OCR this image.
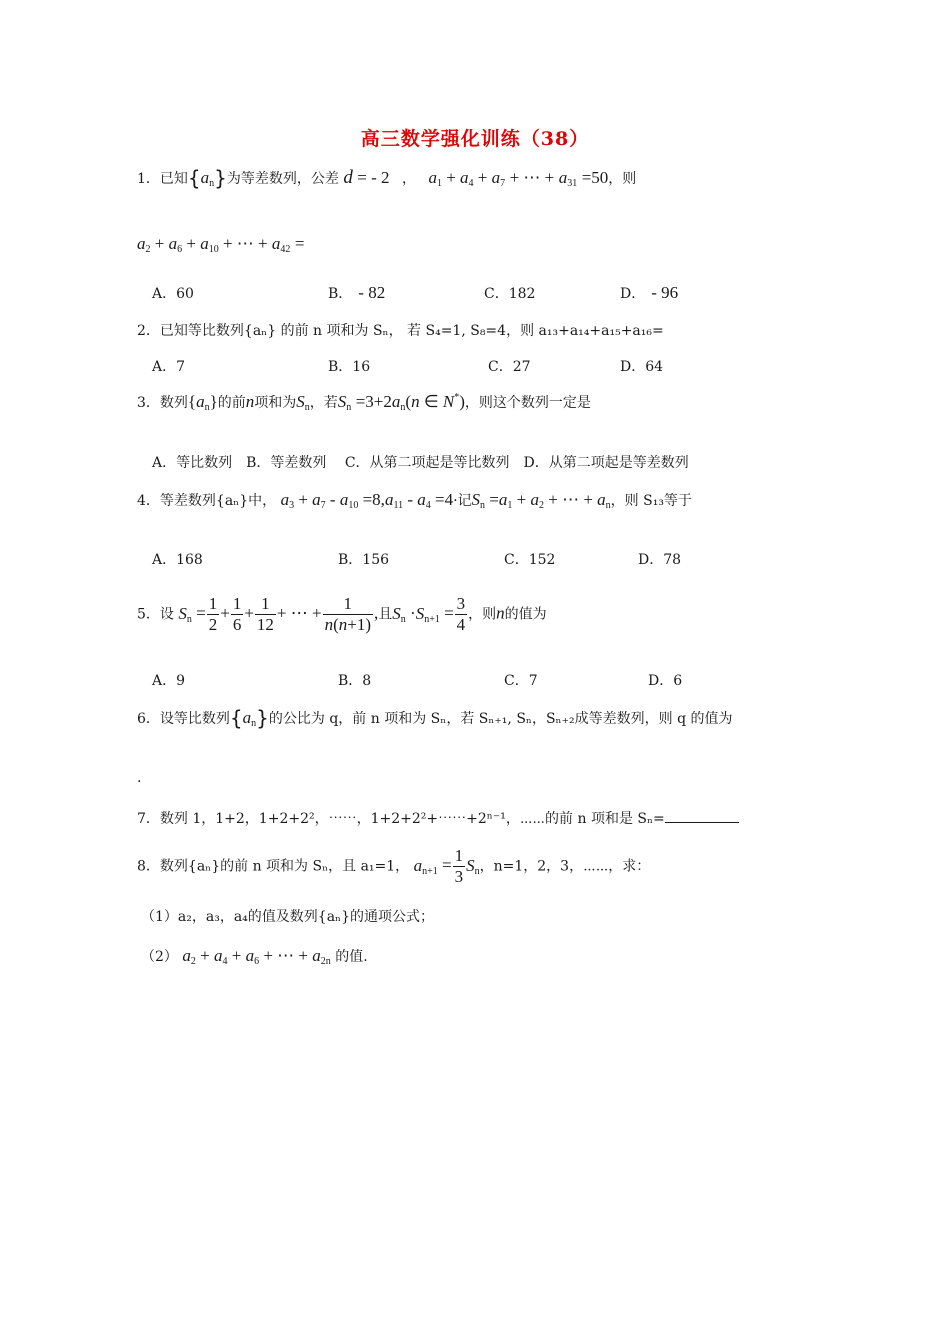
高三数学强化训练（38）
1．已知$\{a_n\}$为等差数列，公差 d = - 2 ， $a_1 + a_4 + a_7$ + ⋯ + $a_{31} =50$，则
$a_2 + a_6 + a_{10}$ + ⋯ + $a_{42}$ =
A．60	B． - 82	C．182	D． - 96
2．已知等比数列{aₙ} 的前 n 项和为 Sₙ， 若 S₄=1, S₈=4，则 a₁₃+a₁₄+a₁₅+a₁₆=
A．7	B．16	C．27	D．64
3．数列$\{a_n\}$的前n项和为$S_n$，若$S_n =3+2a_n(n$ ∈ N*)，则这个数列一定是
A．等比数列　B．等差数列　 C．从第二项起是等比数列　D．从第二项起是等差数列
4．等差数列{aₙ}中， $a_3 + a_7 - a_{10} =8,a_{11} - a_4 =4\cdot$记$S_n =a_1 + a_2$ + ⋯ + $a_n$，则 S₁₃等于
A．168	B．156	C．152	D．78
5．设 $S_n = \frac{1}{2} + \frac{1}{6} + \frac{1}{12}$ + ⋯ + $\frac{1}{n(n+1)}$ ,且$S_n \cdot S_{n+1} = \frac{3}{4}$ ，则n的值为
A．9	B．8	C．7	D．6
6．设等比数列$\{a_n\}$的公比为 q，前 n 项和为 Sₙ，若 Sₙ₊₁, Sₙ，Sₙ₊₂成等差数列，则 q 的值为
.
7．数列 1，1+2，1+2+2²，⋯⋯，1+2+2²+⋯⋯+2ⁿ⁻¹，⋯⋯的前 n 项和是 Sₙ=
8．数列{aₙ}的前 n 项和为 Sₙ，且 a₁=1， $a_{n+1} = \frac{1}{3} S_n$，n=1，2，3，⋯⋯，求：
（1）a₂，a₃，a₄的值及数列{aₙ}的通项公式；
（2） $a_2 + a_4 + a_6$ + ⋯ + $a_{2n}$ 的值.
